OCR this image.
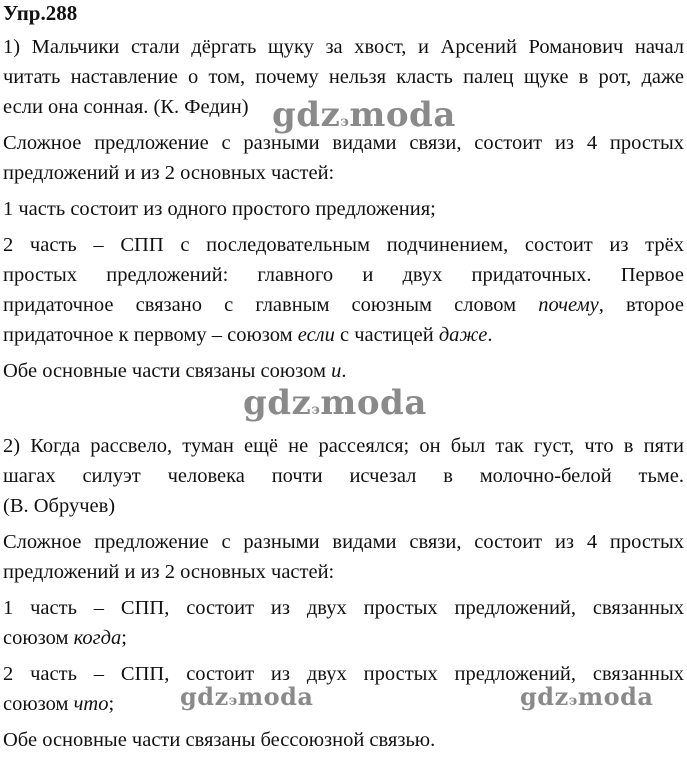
Упр.288
1) Мальчики стали дёргать щуку за хвост, и Арсений Романович начал
читать наставление о том, почему нельзя класть палец щуке в рот, даже
если она сонная. (К. Федин)
Сложное предложение с разными видами связи, состоит из 4 простых
предложений и из 2 основных частей:
1 часть состоит из одного простого предложения;
2 часть – СПП с последовательным подчинением, состоит из трёх
простых предложений: главного и двух придаточных. Первое
придаточное связано с главным союзным словом почему, второе
придаточное к первому – союзом если с частицей даже.
Обе основные части связаны союзом и.
2) Когда рассвело, туман ещё не рассеялся; он был так густ, что в пяти
шагах силуэт человека почти исчезал в молочно-белой тьме.
(В. Обручев)
Сложное предложение с разными видами связи, состоит из 4 простых
предложений и из 2 основных частей:
1 часть – СПП, состоит из двух простых предложений, связанных
союзом когда;
2 часть – СПП, состоит из двух простых предложений, связанных
союзом что;
Обе основные части связаны бессоюзной связью.
gdzэmoda
gdzэmoda
gdzэmoda	gdzэmoda
